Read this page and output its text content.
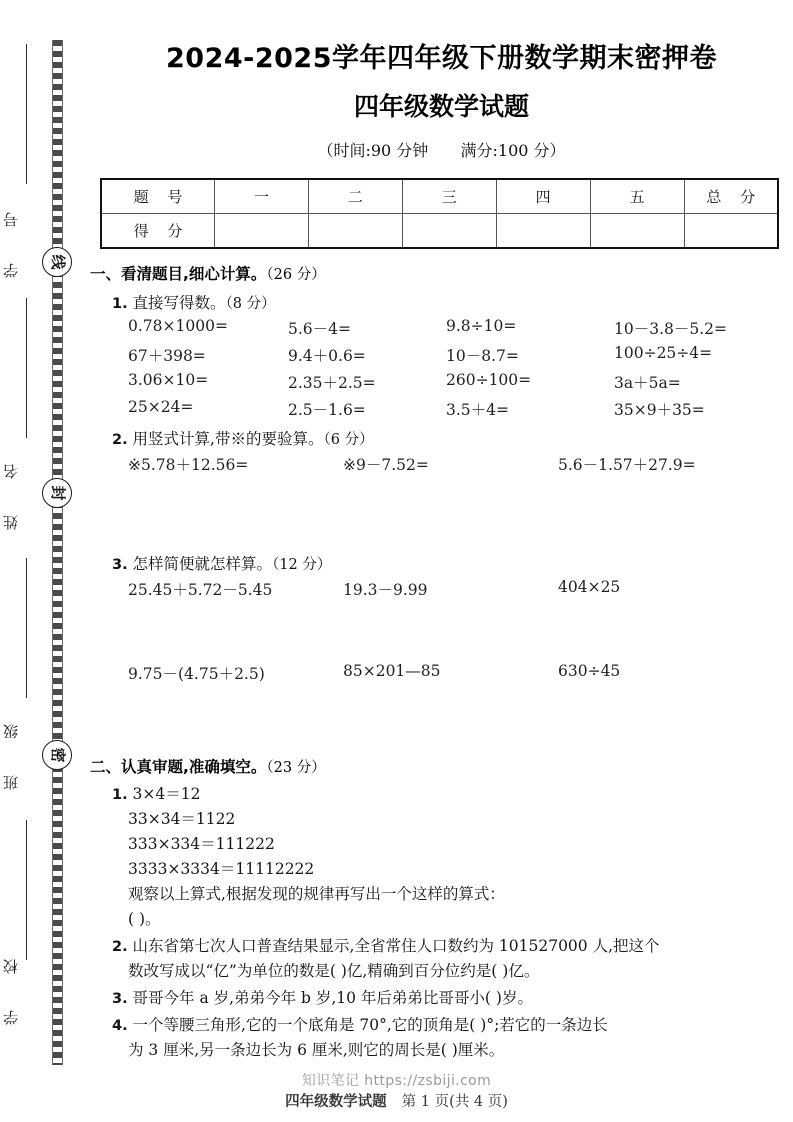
学 号
姓 名
班 级
学 校
线
封
密
2024-2025学年四年级下册数学期末密押卷
四年级数学试题
（时间:90 分钟 满分:100 分）
题 号	一	二	三	四	五	总 分
得 分						
一、看清题目,细心计算。（26 分）
1. 直接写得数。（8 分）
0.78×1000=	5.6－4=	9.8÷10=	10－3.8－5.2=
67＋398=	9.4＋0.6=	10－8.7=	100÷25÷4=
3.06×10=	2.35＋2.5=	260÷100=	3a＋5a=
25×24=	2.5－1.6=	3.5＋4=	35×9＋35=
2. 用竖式计算,带※的要验算。（6 分）
※5.78＋12.56=	※9－7.52=	5.6－1.57＋27.9=
3. 怎样简便就怎样算。（12 分）
25.45＋5.72－5.45	19.3－9.99	404×25
9.75－(4.75＋2.5)	85×201—85	630÷45
二、认真审题,准确填空。（23 分）
1. 3×4＝12
33×34＝1122
333×334＝111222
3333×3334＝11112222
观察以上算式,根据发现的规律再写出一个这样的算式：
( )。
2. 山东省第七次人口普查结果显示,全省常住人口数约为 101527000 人,把这个
数改写成以“亿”为单位的数是( )亿,精确到百分位约是( )亿。
3. 哥哥今年 a 岁,弟弟今年 b 岁,10 年后弟弟比哥哥小( )岁。
4. 一个等腰三角形,它的一个底角是 70°,它的顶角是( )°;若它的一条边长
为 3 厘米,另一条边长为 6 厘米,则它的周长是( )厘米。
知识笔记 https://zsbiji.com
四年级数学试题 第 1 页(共 4 页)
